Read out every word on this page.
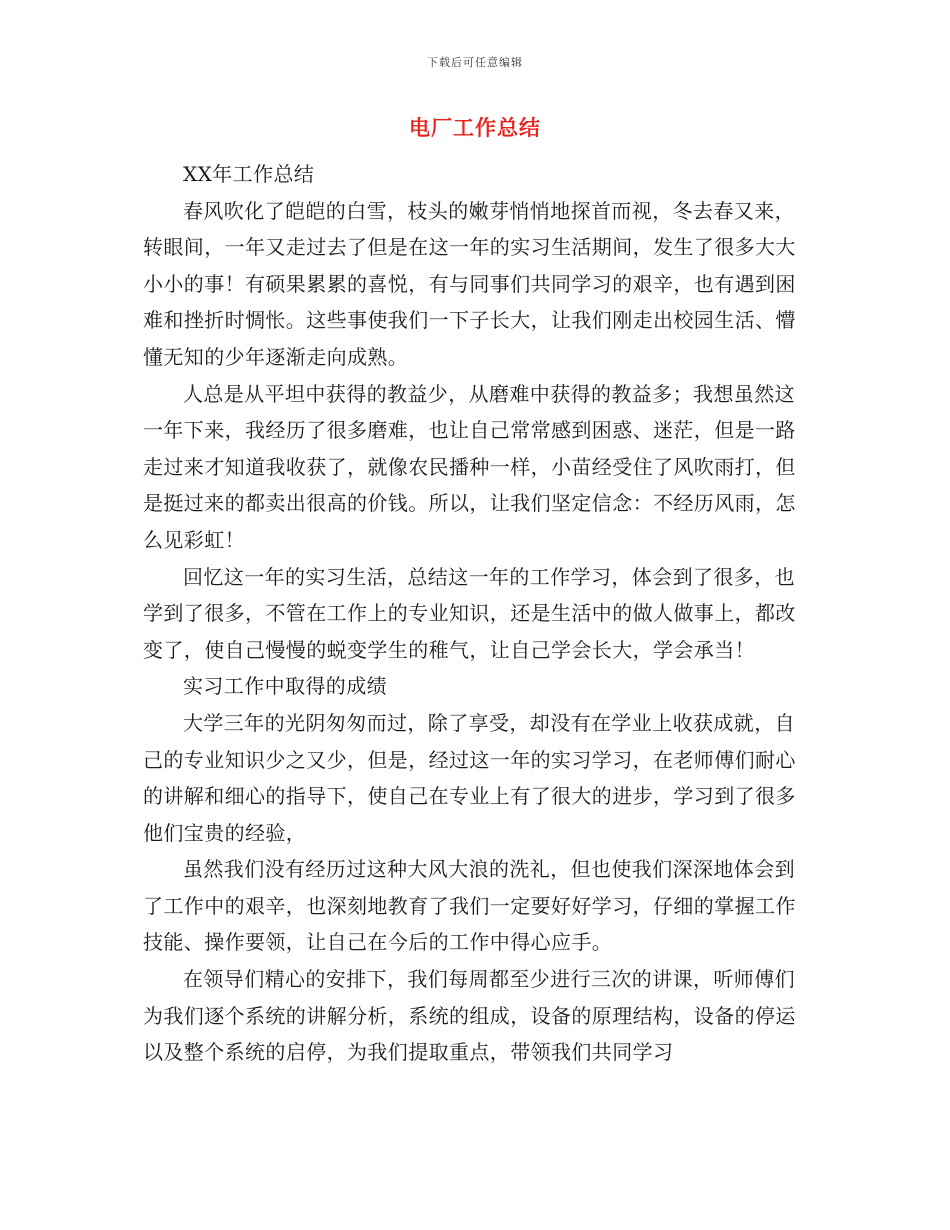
下载后可任意编辑
电厂工作总结

XX年工作总结

春风吹化了皑皑的白雪，枝头的嫩芽悄悄地探首而视，冬去春又来，转眼间，一年又走过去了但是在这一年的实习生活期间，发生了很多大大小小的事！有硕果累累的喜悦，有与同事们共同学习的艰辛，也有遇到困难和挫折时惆怅。这些事使我们一下子长大，让我们刚走出校园生活、懵懂无知的少年逐渐走向成熟。

人总是从平坦中获得的教益少，从磨难中获得的教益多；我想虽然这一年下来，我经历了很多磨难，也让自己常常感到困惑、迷茫，但是一路走过来才知道我收获了，就像农民播种一样，小苗经受住了风吹雨打，但是挺过来的都卖出很高的价钱。所以，让我们坚定信念：不经历风雨，怎么见彩虹！

回忆这一年的实习生活，总结这一年的工作学习，体会到了很多，也学到了很多，不管在工作上的专业知识，还是生活中的做人做事上，都改变了，使自己慢慢的蜕变学生的稚气，让自己学会长大，学会承当！

实习工作中取得的成绩

大学三年的光阴匆匆而过，除了享受，却没有在学业上收获成就，自己的专业知识少之又少，但是，经过这一年的实习学习，在老师傅们耐心的讲解和细心的指导下，使自己在专业上有了很大的进步，学习到了很多他们宝贵的经验，

虽然我们没有经历过这种大风大浪的洗礼，但也使我们深深地体会到了工作中的艰辛，也深刻地教育了我们一定要好好学习，仔细的掌握工作技能、操作要领，让自己在今后的工作中得心应手。

在领导们精心的安排下，我们每周都至少进行三次的讲课，听师傅们为我们逐个系统的讲解分析，系统的组成，设备的原理结构，设备的停运以及整个系统的启停，为我们提取重点，带领我们共同学习
